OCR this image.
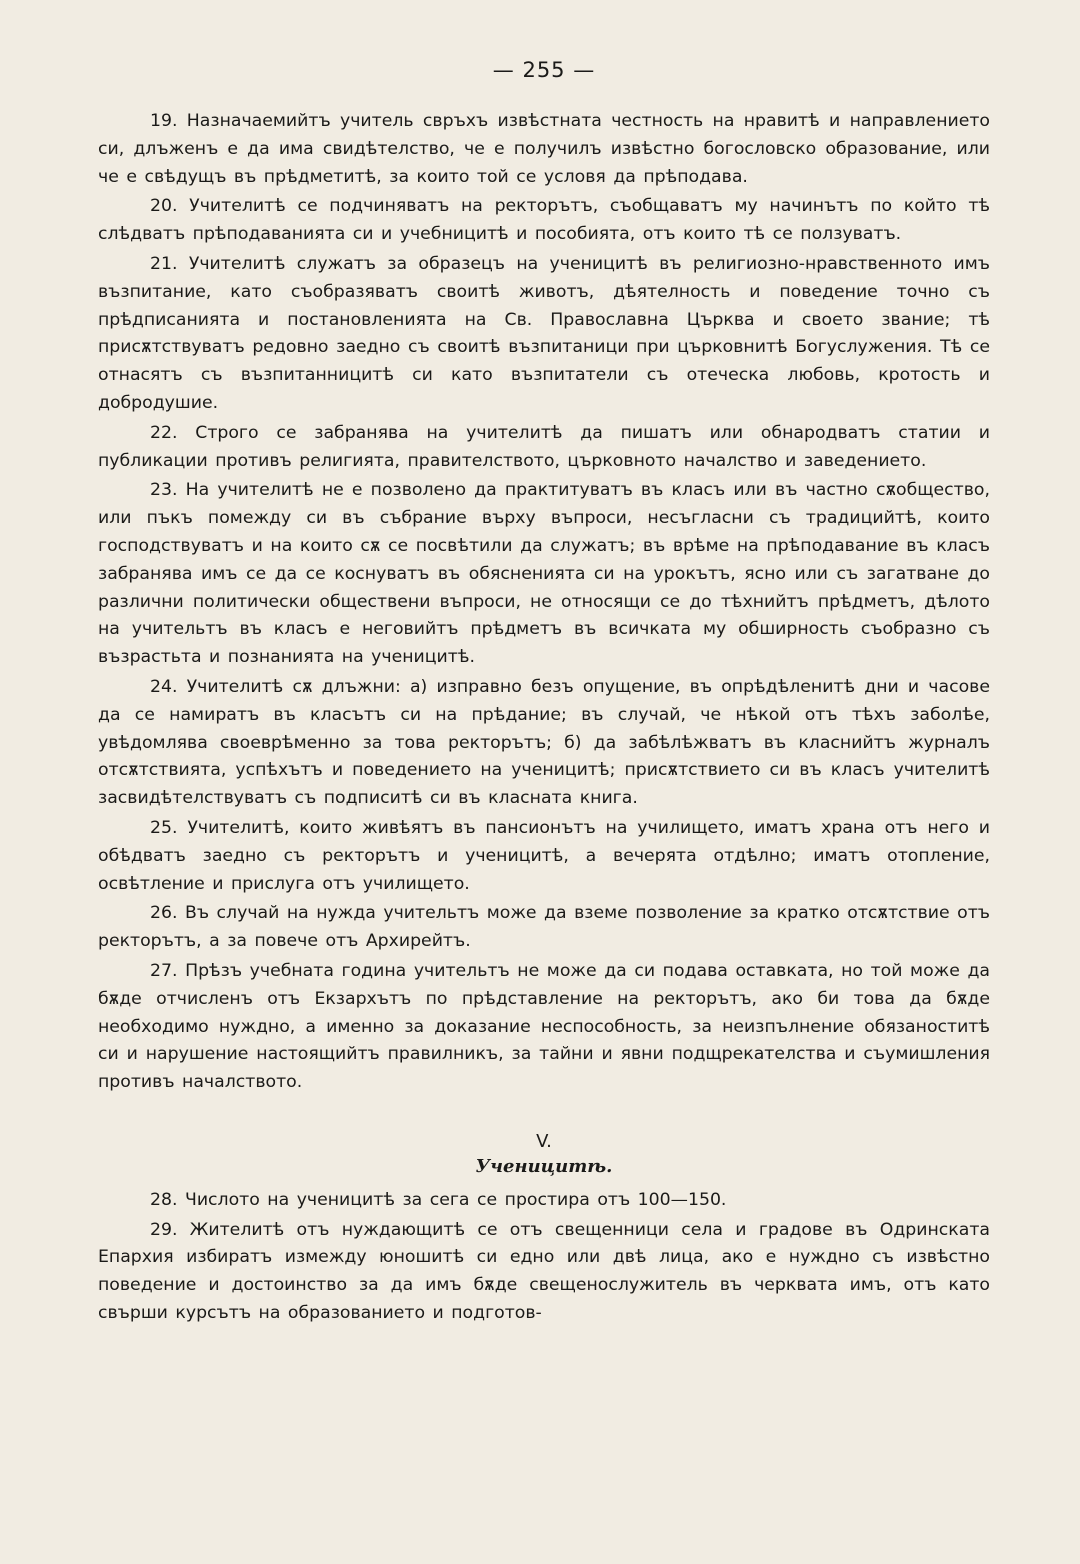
— 255 —

19. Назначаемийтъ учитель свръхъ извѣстната честность на нравитѣ и направлението си, длъженъ е да има свидѣтелство, че е получилъ извѣстно богословско образование, или че е свѣдущъ въ прѣдметитѣ, за които той се условя да прѣподава.

20. Учителитѣ се подчиняватъ на ректорътъ, съобщаватъ му начинътъ по който тѣ слѣдватъ прѣподаванията си и учебницитѣ и пособията, отъ които тѣ се ползуватъ.

21. Учителитѣ служатъ за образецъ на ученицитѣ въ религиозно-нравственното имъ възпитание, като съобразяватъ своитѣ животъ, дѣятелность и поведение точно съ прѣдписанията и постановленията на Св. Православна Църква и своето звание; тѣ присѫтствуватъ редовно заедно съ своитѣ възпитаници при църковнитѣ Богуслужения. Тѣ се отнасятъ съ възпитанницитѣ си като възпитатели съ отеческа любовь, кротость и добродушие.

22. Строго се забранява на учителитѣ да пишатъ или обнародватъ статии и публикации противъ религията, правителството, църковното началство и заведението.

23. На учителитѣ не е позволено да практитуватъ въ класъ или въ частно сѫобщество, или пъкъ помежду си въ събрание върху въпроси, несъгласни съ традицийтѣ, които господствуватъ и на които сѫ се посвѣтили да служатъ; въ врѣме на прѣподавание въ класъ забранява имъ се да се коснуватъ въ обясненията си на урокътъ, ясно или съ загатване до различни политически обществени въпроси, не относящи се до тѣхнийтъ прѣдметъ, дѣлото на учительтъ въ класъ е неговийтъ прѣдметъ въ всичката му обширность съобразно съ възрастьта и познанията на ученицитѣ.

24. Учителитѣ сѫ длъжни: а) изправно безъ опущение, въ опрѣдѣленитѣ дни и часове да се намиратъ въ класътъ си на прѣдание; въ случай, че нѣкой отъ тѣхъ заболѣе, увѣдомлява своеврѣменно за това ректорътъ; б) да забѣлѣжватъ въ класнийтъ журналъ отсѫтствията, успѣхътъ и поведението на ученицитѣ; присѫтствието си въ класъ учителитѣ засвидѣтелствуватъ съ подписитѣ си въ класната книга.

25. Учителитѣ, които живѣятъ въ пансионътъ на училището, иматъ храна отъ него и обѣдватъ заедно съ ректорътъ и ученицитѣ, а вечерята отдѣлно; иматъ отопление, освѣтление и прислуга отъ училището.

26. Въ случай на нужда учительтъ може да вземе позволение за кратко отсѫтствие отъ ректорътъ, а за повече отъ Архирейтъ.

27. Прѣзъ учебната година учительтъ не може да си подава оставката, но той може да бѫде отчисленъ отъ Екзархътъ по прѣдставление на ректорътъ, ако би това да бѫде необходимо нуждно, а именно за доказание неспособность, за неизпълнение обязаноститѣ си и нарушение настоящийтъ правилникъ, за тайни и явни подщрекателства и съумишления противъ началството.

V.
Ученицитѣ.

28. Числото на ученицитѣ за сега се простира отъ 100—150.

29. Жителитѣ отъ нуждающитѣ се отъ свещенници села и градове въ Одринската Епархия избиратъ измежду юношитѣ си едно или двѣ лица, ако е нуждно съ извѣстно поведение и достоинство за да имъ бѫде свещенослужитель въ черквата имъ, отъ като свърши курсътъ на образованието и подготов-
